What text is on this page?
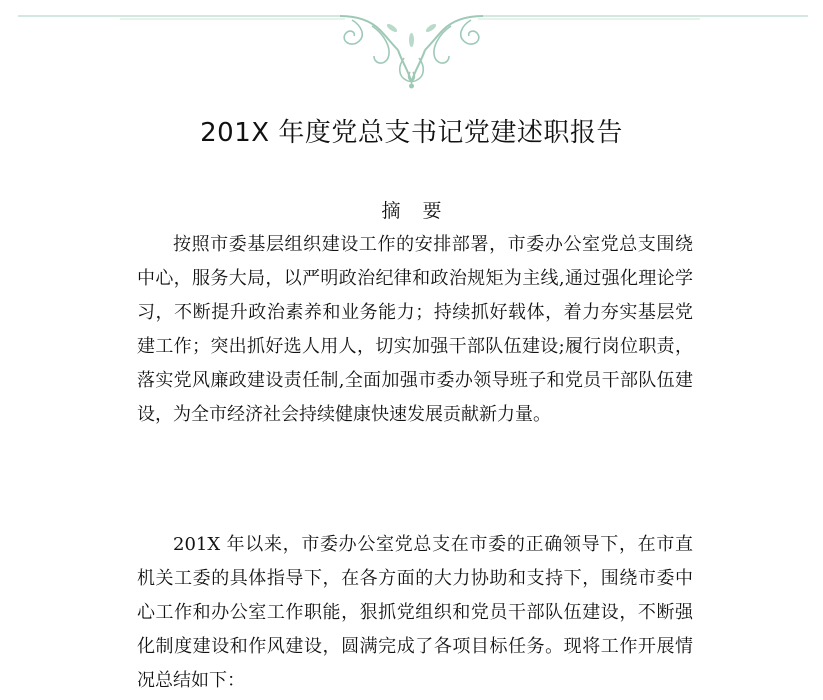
201X 年度党总支书记党建述职报告
摘要

按照市委基层组织建设工作的安排部署，市委办公室党总支围绕中心，服务大局，以严明政治纪律和政治规矩为主线,通过强化理论学习，不断提升政治素养和业务能力；持续抓好载体，着力夯实基层党建工作；突出抓好选人用人，切实加强干部队伍建设;履行岗位职责，落实党风廉政建设责任制,全面加强市委办领导班子和党员干部队伍建设，为全市经济社会持续健康快速发展贡献新力量。

201X 年以来，市委办公室党总支在市委的正确领导下，在市直机关工委的具体指导下，在各方面的大力协助和支持下，围绕市委中心工作和办公室工作职能，狠抓党组织和党员干部队伍建设，不断强化制度建设和作风建设，圆满完成了各项目标任务。现将工作开展情况总结如下：
